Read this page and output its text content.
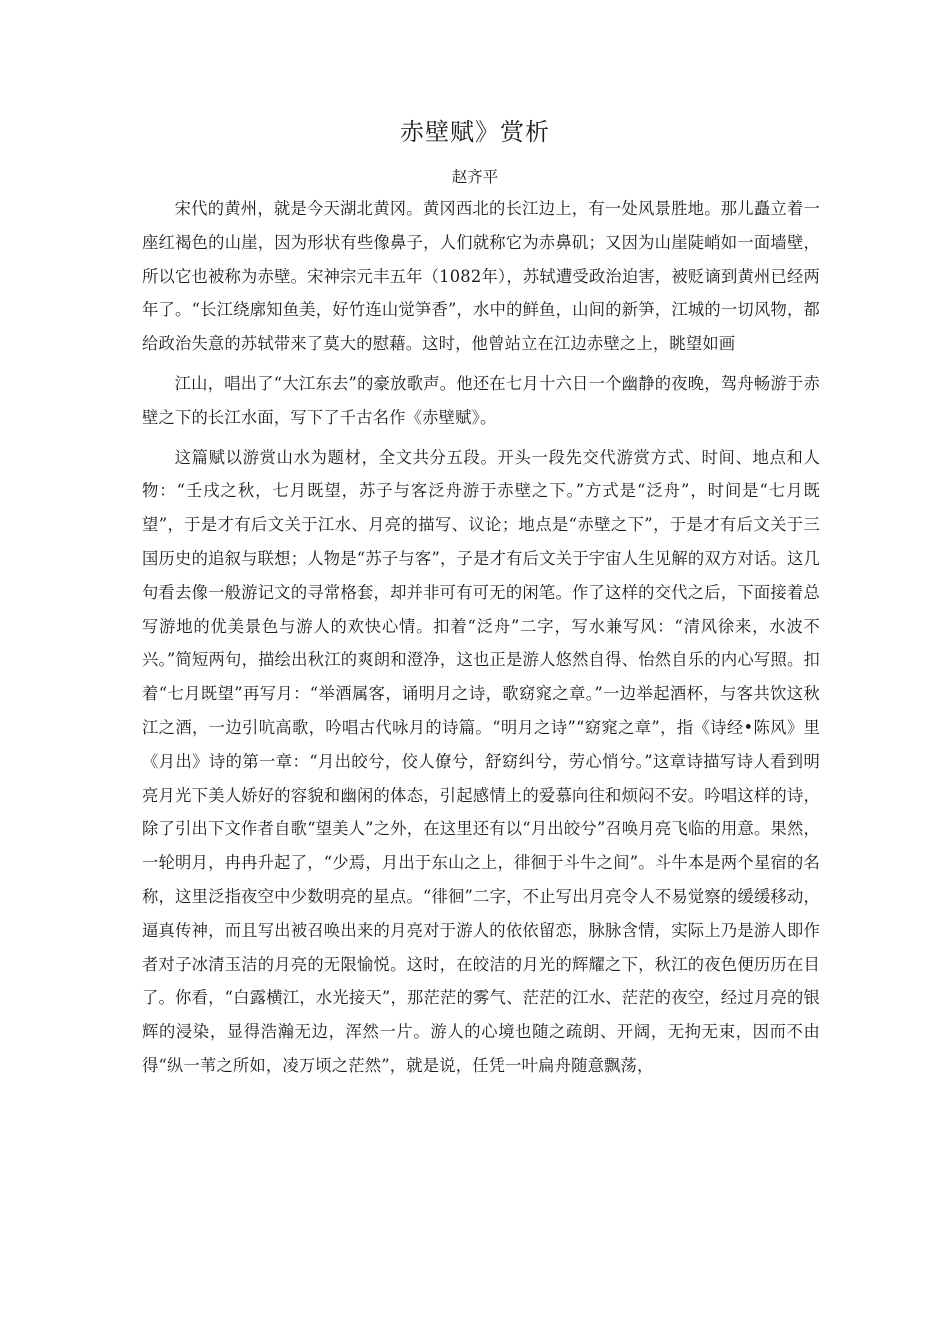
赤壁赋》赏析

赵齐平

宋代的黄州，就是今天湖北黄冈。黄冈西北的长江边上，有一处风景胜地。那儿矗立着一座红褐色的山崖，因为形状有些像鼻子，人们就称它为赤鼻矶；又因为山崖陡峭如一面墙壁，所以它也被称为赤壁。宋神宗元丰五年（1082年），苏轼遭受政治迫害，被贬谪到黄州已经两年了。“长江绕廓知鱼美，好竹连山觉笋香”，水中的鲜鱼，山间的新笋，江城的一切风物，都给政治失意的苏轼带来了莫大的慰藉。这时，他曾站立在江边赤壁之上，眺望如画

江山，唱出了“大江东去”的豪放歌声。他还在七月十六日一个幽静的夜晚，驾舟畅游于赤壁之下的长江水面，写下了千古名作《赤壁赋》。

这篇赋以游赏山水为题材，全文共分五段。开头一段先交代游赏方式、时间、地点和人物：“壬戌之秋，七月既望，苏子与客泛舟游于赤壁之下。”方式是“泛舟”，时间是“七月既望”，于是才有后文关于江水、月亮的描写、议论；地点是“赤壁之下”，于是才有后文关于三国历史的追叙与联想；人物是“苏子与客”，子是才有后文关于宇宙人生见解的双方对话。这几句看去像一般游记文的寻常格套，却并非可有可无的闲笔。作了这样的交代之后，下面接着总写游地的优美景色与游人的欢快心情。扣着“泛舟”二字，写水兼写风：“清风徐来，水波不兴。”简短两句，描绘出秋江的爽朗和澄净，这也正是游人悠然自得、怡然自乐的内心写照。扣着“七月既望”再写月：“举酒属客，诵明月之诗，歌窈窕之章。”一边举起酒杯，与客共饮这秋江之酒，一边引吭高歌，吟唱古代咏月的诗篇。“明月之诗”“窈窕之章”，指《诗经•陈风》里《月出》诗的第一章：“月出皎兮，佼人僚兮，舒窈纠兮，劳心悄兮。”这章诗描写诗人看到明亮月光下美人娇好的容貌和幽闲的体态，引起感情上的爱慕向往和烦闷不安。吟唱这样的诗，除了引出下文作者自歌“望美人”之外，在这里还有以“月出皎兮”召唤月亮飞临的用意。果然，一轮明月，冉冉升起了，“少焉，月出于东山之上，徘徊于斗牛之间”。斗牛本是两个星宿的名称，这里泛指夜空中少数明亮的星点。“徘徊”二字，不止写出月亮令人不易觉察的缓缓移动，逼真传神，而且写出被召唤出来的月亮对于游人的依依留恋，脉脉含情，实际上乃是游人即作者对子冰清玉洁的月亮的无限愉悦。这时，在皎洁的月光的辉耀之下，秋江的夜色便历历在目了。你看，“白露横江，水光接天”，那茫茫的雾气、茫茫的江水、茫茫的夜空，经过月亮的银辉的浸染，显得浩瀚无边，浑然一片。游人的心境也随之疏朗、开阔，无拘无束，因而不由得“纵一苇之所如，凌万顷之茫然”，就是说，任凭一叶扁舟随意飘荡，
